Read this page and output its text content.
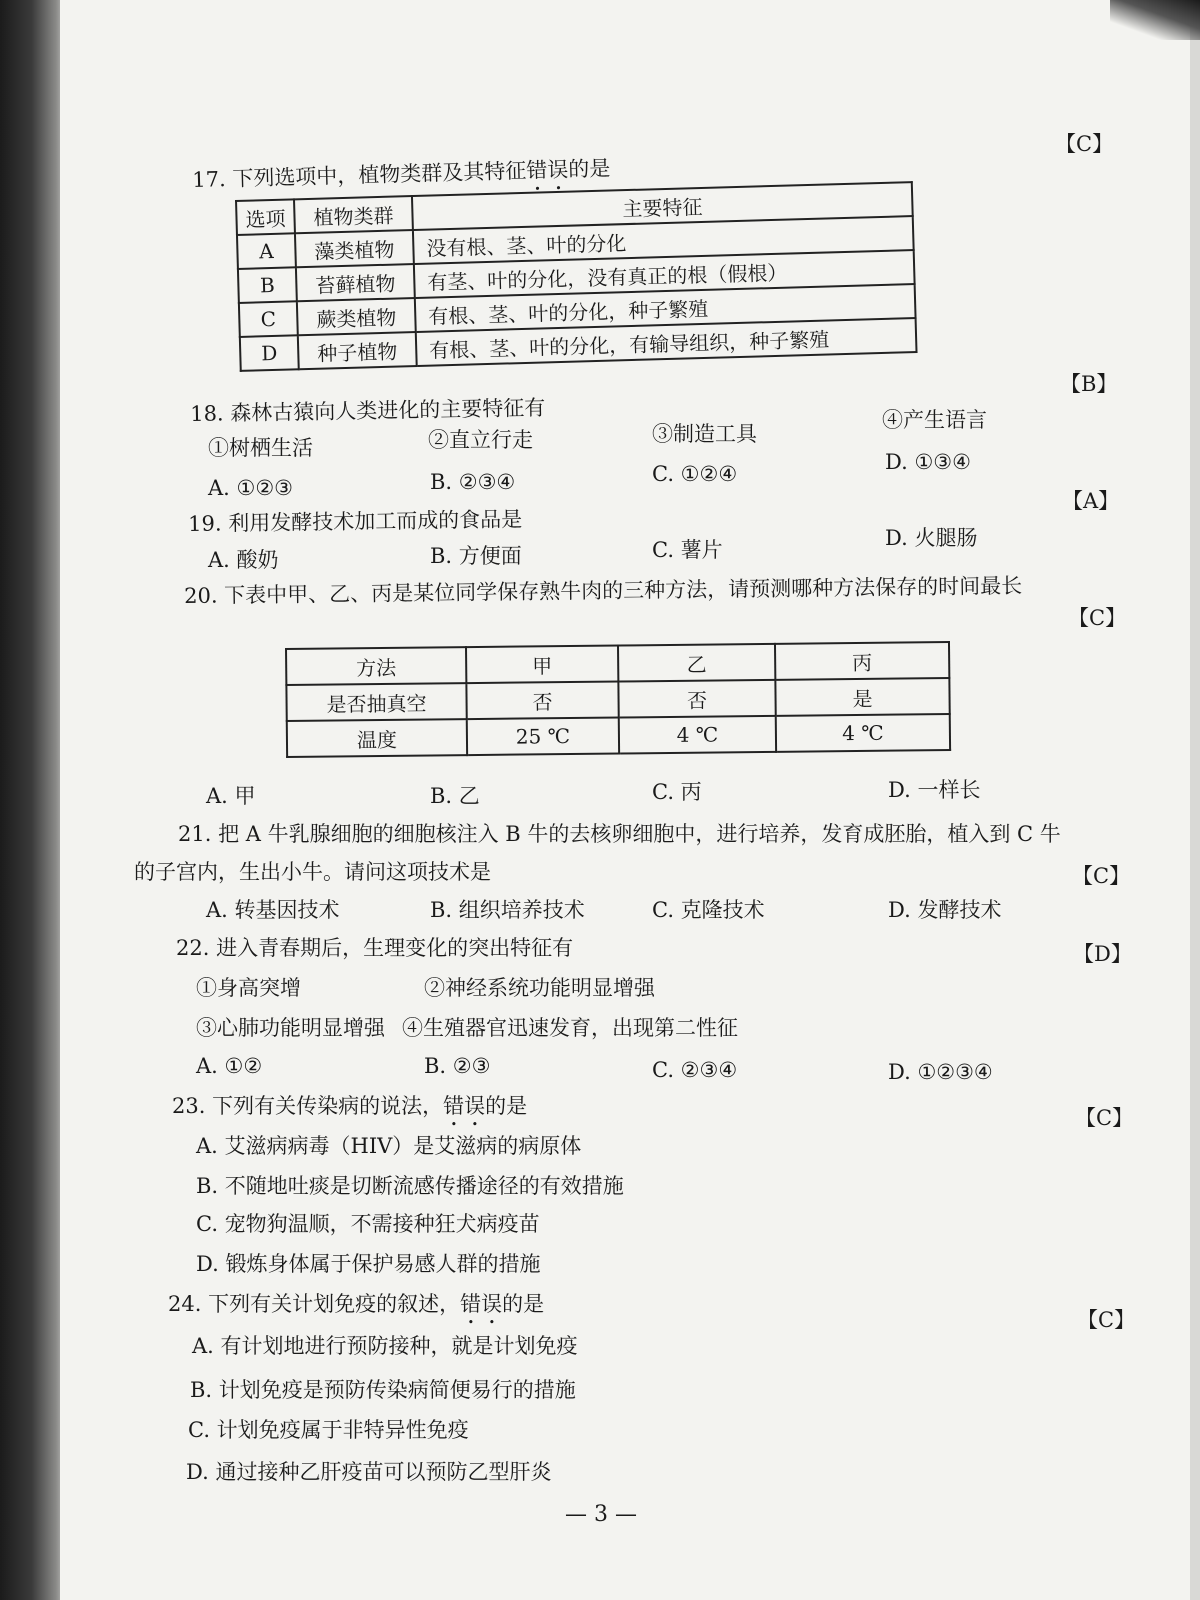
【C】
17. 下列选项中，植物类群及其特征错误的是
选项	植物类群	主要特征
A	藻类植物	没有根、茎、叶的分化
B	苔藓植物	有茎、叶的分化，没有真正的根（假根）
C	蕨类植物	有根、茎、叶的分化，种子繁殖
D	种子植物	有根、茎、叶的分化，有输导组织，种子繁殖
【B】
18. 森林古猿向人类进化的主要特征有
①树栖生活	②直立行走	③制造工具
④产生语言
A. ①②③	B. ②③④	C. ①②④	D. ①③④
【A】
19. 利用发酵技术加工而成的食品是
A. 酸奶	B. 方便面	C. 薯片	D. 火腿肠
20. 下表中甲、乙、丙是某位同学保存熟牛肉的三种方法，请预测哪种方法保存的时间最长
【C】
方法	甲	乙	丙
是否抽真空	否	否	是
温度	25 ℃	4 ℃	4 ℃
A. 甲	B. 乙	C. 丙	D. 一样长
21. 把 A 牛乳腺细胞的细胞核注入 B 牛的去核卵细胞中，进行培养，发育成胚胎，植入到 C 牛
的子宫内，生出小牛。请问这项技术是	【C】
A. 转基因技术	B. 组织培养技术	C. 克隆技术	D. 发酵技术
22. 进入青春期后，生理变化的突出特征有	【D】
①身高突增	②神经系统功能明显增强
③心肺功能明显增强 ④生殖器官迅速发育，出现第二性征
A. ①②	B. ②③	C. ②③④	D. ①②③④
23. 下列有关传染病的说法，错误的是	【C】
A. 艾滋病病毒（HIV）是艾滋病的病原体
B. 不随地吐痰是切断流感传播途径的有效措施
C. 宠物狗温顺，不需接种狂犬病疫苗
D. 锻炼身体属于保护易感人群的措施
24. 下列有关计划免疫的叙述，错误的是
【C】
A. 有计划地进行预防接种，就是计划免疫
B. 计划免疫是预防传染病简便易行的措施
C. 计划免疫属于非特异性免疫
D. 通过接种乙肝疫苗可以预防乙型肝炎
— 3 —
